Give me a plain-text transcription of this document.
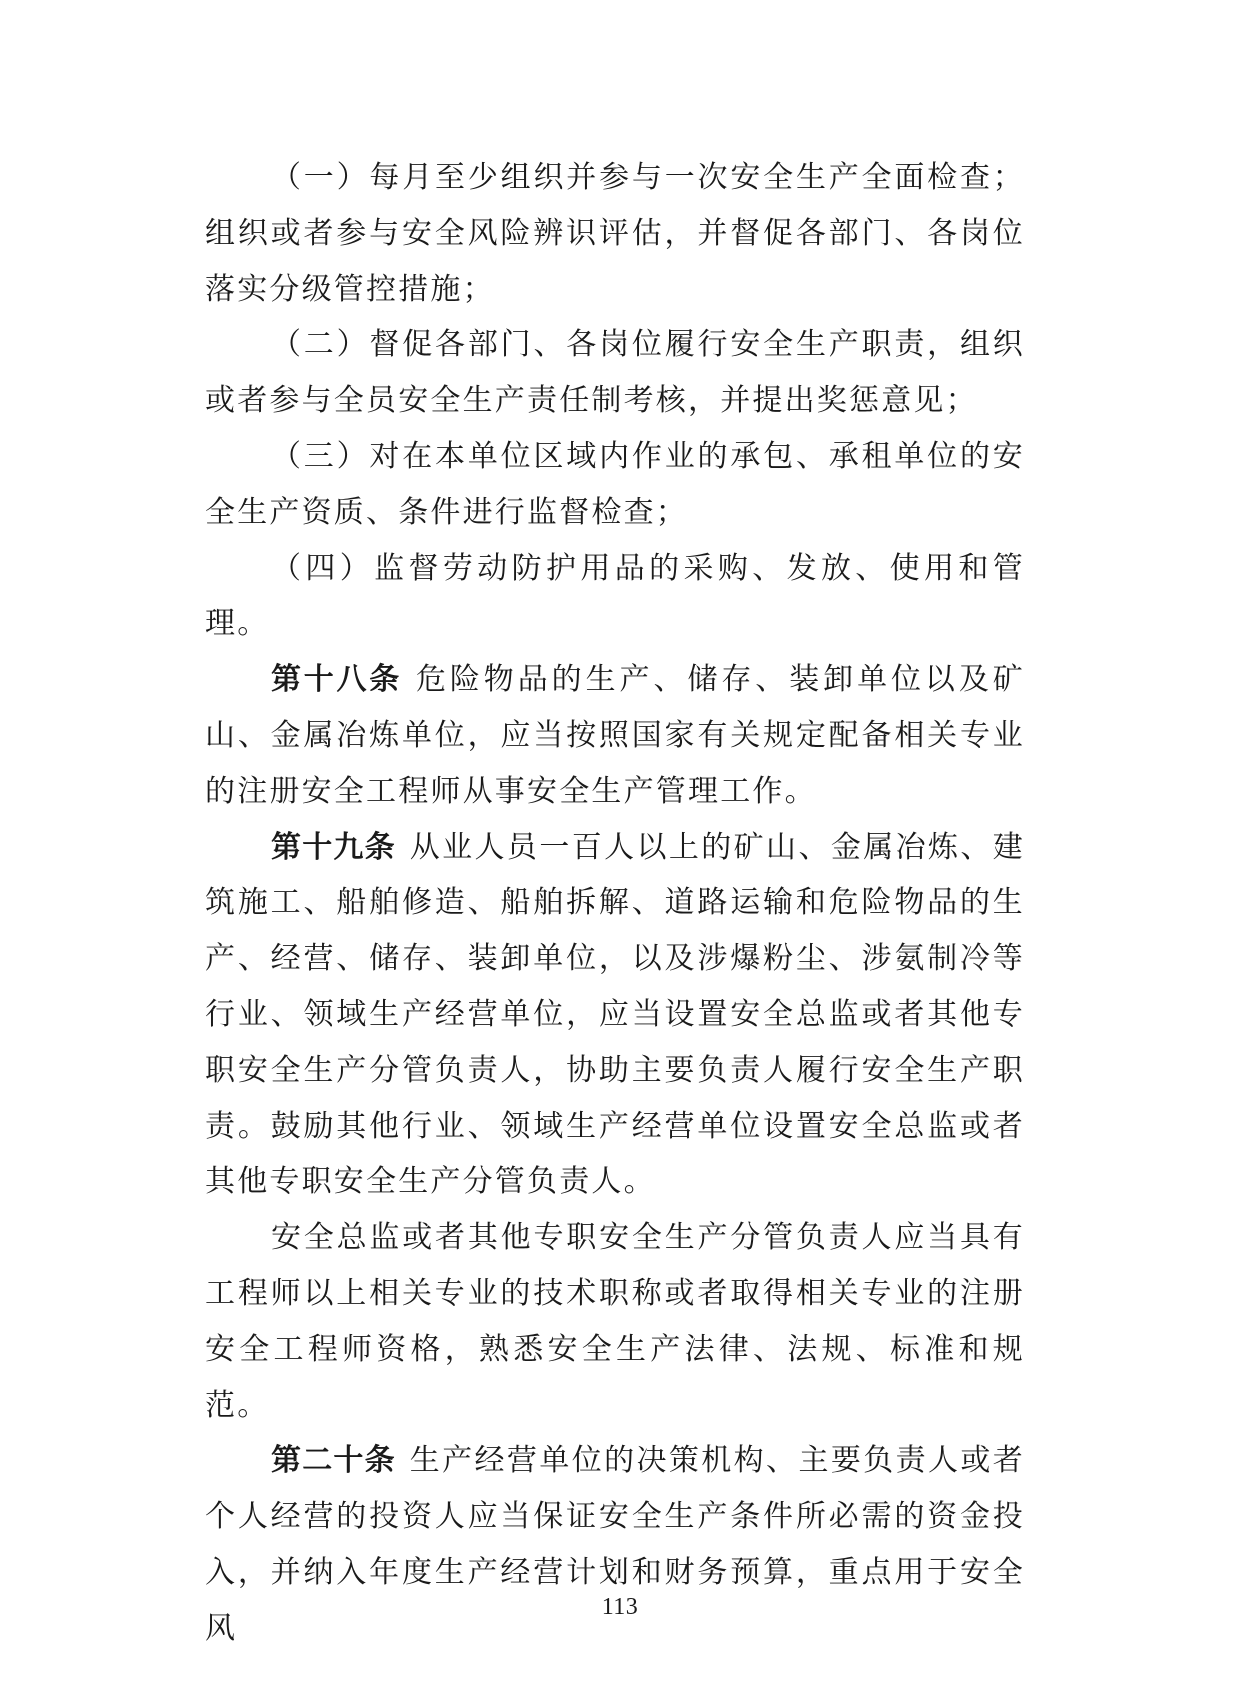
（一）每月至少组织并参与一次安全生产全面检查；组织或者参与安全风险辨识评估，并督促各部门、各岗位落实分级管控措施；

（二）督促各部门、各岗位履行安全生产职责，组织或者参与全员安全生产责任制考核，并提出奖惩意见；

（三）对在本单位区域内作业的承包、承租单位的安全生产资质、条件进行监督检查；

（四）监督劳动防护用品的采购、发放、使用和管理。

第十八条 危险物品的生产、储存、装卸单位以及矿山、金属冶炼单位，应当按照国家有关规定配备相关专业的注册安全工程师从事安全生产管理工作。

第十九条 从业人员一百人以上的矿山、金属冶炼、建筑施工、船舶修造、船舶拆解、道路运输和危险物品的生产、经营、储存、装卸单位，以及涉爆粉尘、涉氨制冷等行业、领域生产经营单位，应当设置安全总监或者其他专职安全生产分管负责人，协助主要负责人履行安全生产职责。鼓励其他行业、领域生产经营单位设置安全总监或者其他专职安全生产分管负责人。

安全总监或者其他专职安全生产分管负责人应当具有工程师以上相关专业的技术职称或者取得相关专业的注册安全工程师资格，熟悉安全生产法律、法规、标准和规范。

第二十条 生产经营单位的决策机构、主要负责人或者个人经营的投资人应当保证安全生产条件所必需的资金投入，并纳入年度生产经营计划和财务预算，重点用于安全风

113
